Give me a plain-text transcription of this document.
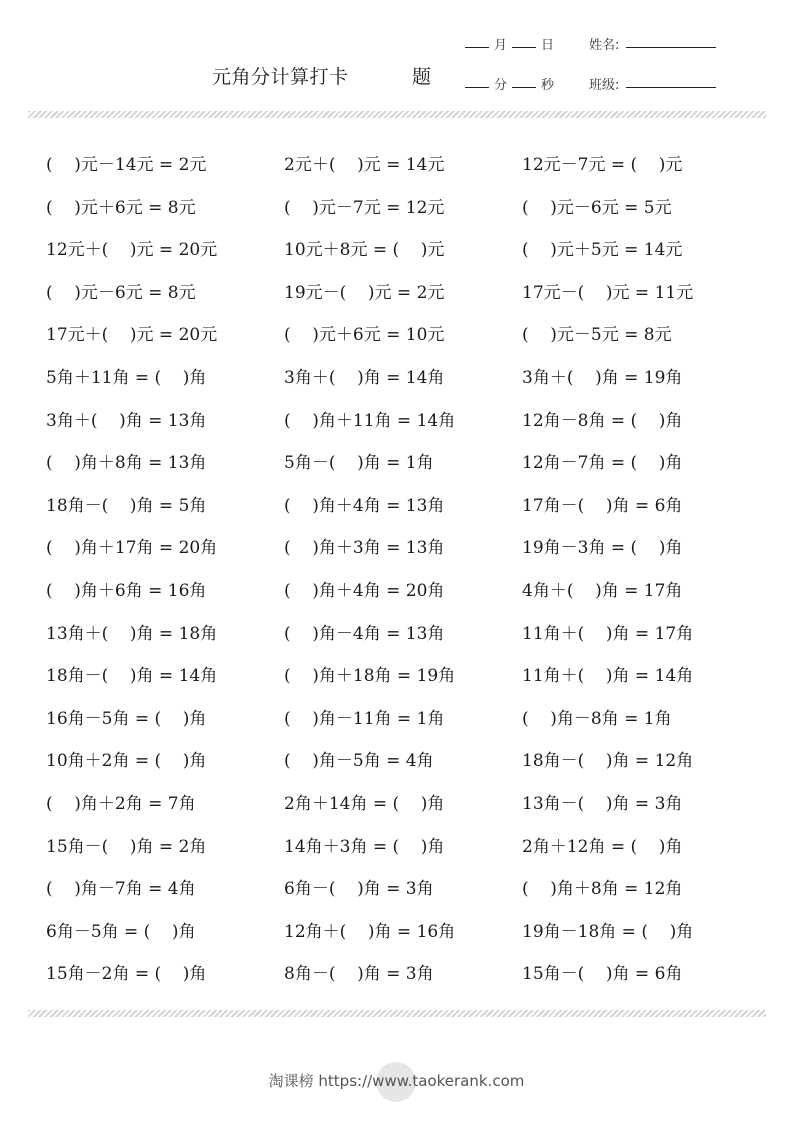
元角分计算打卡	题
月	日
分	秒
姓名:
班级:
(    )元－14元 = 2元	2元＋(    )元 = 14元	12元－7元 = (    )元
(    )元＋6元 = 8元	(    )元－7元 = 12元	(    )元－6元 = 5元
12元＋(    )元 = 20元	10元＋8元 = (    )元	(    )元＋5元 = 14元
(    )元－6元 = 8元	19元－(    )元 = 2元	17元－(    )元 = 11元
17元＋(    )元 = 20元	(    )元＋6元 = 10元	(    )元－5元 = 8元
5角＋11角 = (    )角	3角＋(    )角 = 14角	3角＋(    )角 = 19角
3角＋(    )角 = 13角	(    )角＋11角 = 14角	12角－8角 = (    )角
(    )角＋8角 = 13角	5角－(    )角 = 1角	12角－7角 = (    )角
18角－(    )角 = 5角	(    )角＋4角 = 13角	17角－(    )角 = 6角
(    )角＋17角 = 20角	(    )角＋3角 = 13角	19角－3角 = (    )角
(    )角＋6角 = 16角	(    )角＋4角 = 20角	4角＋(    )角 = 17角
13角＋(    )角 = 18角	(    )角－4角 = 13角	11角＋(    )角 = 17角
18角－(    )角 = 14角	(    )角＋18角 = 19角	11角＋(    )角 = 14角
16角－5角 = (    )角	(    )角－11角 = 1角	(    )角－8角 = 1角
10角＋2角 = (    )角	(    )角－5角 = 4角	18角－(    )角 = 12角
(    )角＋2角 = 7角	2角＋14角 = (    )角	13角－(    )角 = 3角
15角－(    )角 = 2角	14角＋3角 = (    )角	2角＋12角 = (    )角
(    )角－7角 = 4角	6角－(    )角 = 3角	(    )角＋8角 = 12角
6角－5角 = (    )角	12角＋(    )角 = 16角	19角－18角 = (    )角
15角－2角 = (    )角	8角－(    )角 = 3角	15角－(    )角 = 6角
淘课榜 https://www.taokerank.com
